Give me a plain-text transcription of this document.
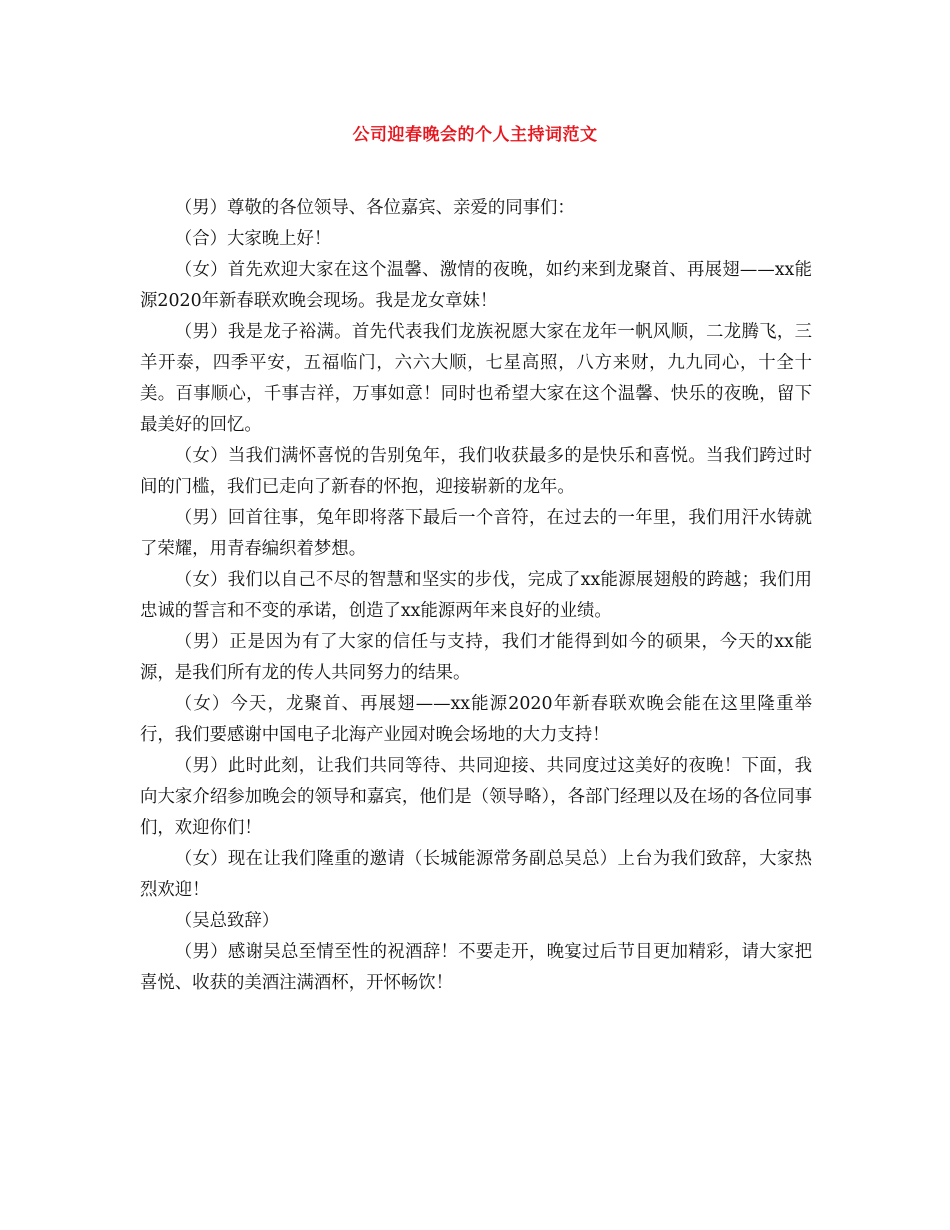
公司迎春晚会的个人主持词范文

（男）尊敬的各位领导、各位嘉宾、亲爱的同事们：

（合）大家晚上好！

（女）首先欢迎大家在这个温馨、激情的夜晚，如约来到龙聚首、再展翅——xx能源2020年新春联欢晚会现场。我是龙女章妹！

（男）我是龙子裕满。首先代表我们龙族祝愿大家在龙年一帆风顺，二龙腾飞，三羊开泰，四季平安，五福临门，六六大顺，七星高照，八方来财，九九同心，十全十美。百事顺心，千事吉祥，万事如意！同时也希望大家在这个温馨、快乐的夜晚，留下最美好的回忆。

（女）当我们满怀喜悦的告别兔年，我们收获最多的是快乐和喜悦。当我们跨过时间的门槛，我们已走向了新春的怀抱，迎接崭新的龙年。

（男）回首往事，兔年即将落下最后一个音符，在过去的一年里，我们用汗水铸就了荣耀，用青春编织着梦想。

（女）我们以自己不尽的智慧和坚实的步伐，完成了xx能源展翅般的跨越；我们用忠诚的誓言和不变的承诺，创造了xx能源两年来良好的业绩。

（男）正是因为有了大家的信任与支持，我们才能得到如今的硕果，今天的xx能源，是我们所有龙的传人共同努力的结果。

（女）今天，龙聚首、再展翅——xx能源2020年新春联欢晚会能在这里隆重举行，我们要感谢中国电子北海产业园对晚会场地的大力支持！

（男）此时此刻，让我们共同等待、共同迎接、共同度过这美好的夜晚！下面，我向大家介绍参加晚会的领导和嘉宾，他们是（领导略），各部门经理以及在场的各位同事们，欢迎你们！

（女）现在让我们隆重的邀请（长城能源常务副总吴总）上台为我们致辞，大家热烈欢迎！

（吴总致辞）

（男）感谢吴总至情至性的祝酒辞！不要走开，晚宴过后节目更加精彩，请大家把喜悦、收获的美酒注满酒杯，开怀畅饮！
